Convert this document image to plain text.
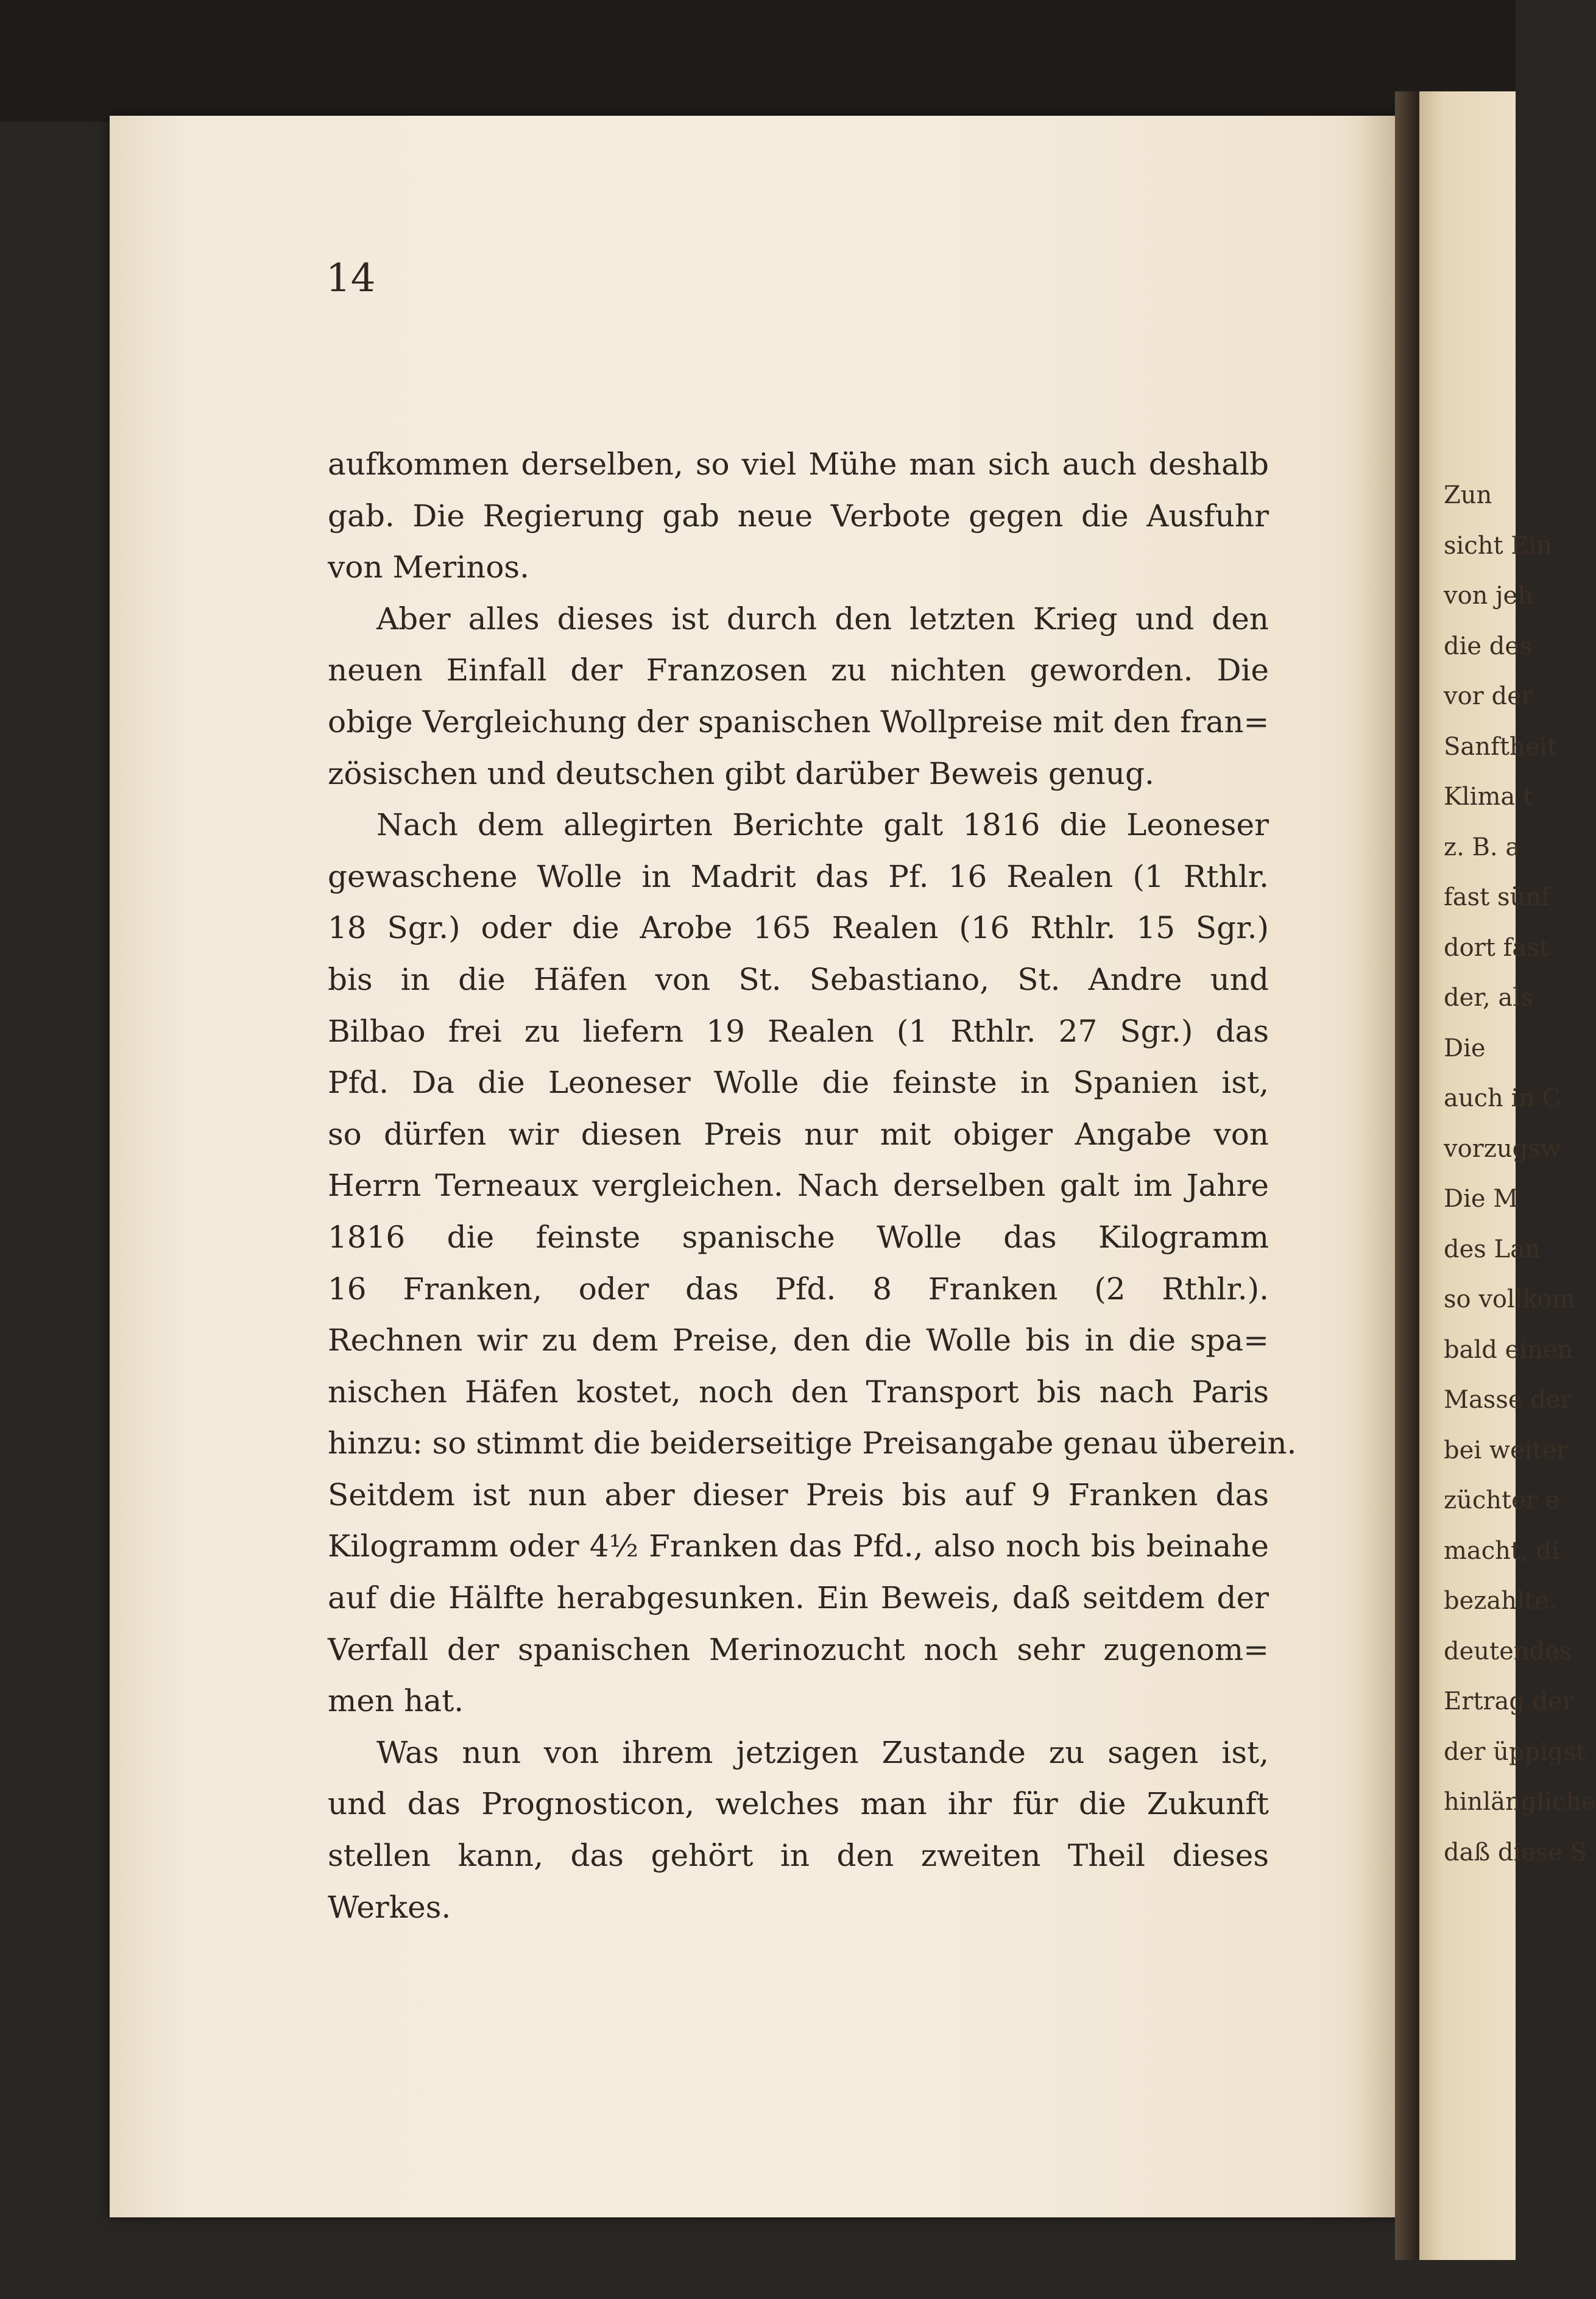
Zun
sicht Ein
von jeh
die des
vor der
Sanftheit
Klima t
z. B. a
fast sünf
dort fast
der, als
Die
auch in C
vorzugsw
Die M
des Lan
so vollkom
bald einen
Masse der
bei weiter
züchter e
macht, di
bezahlte.
deutendes
Ertrag der
der üppigst
hinlängliche
daß diese S
14
aufkommen derselben, so viel Mühe man sich auch deshalb
gab. Die Regierung gab neue Verbote gegen die Ausfuhr
von Merinos.
Aber alles dieses ist durch den letzten Krieg und den
neuen Einfall der Franzosen zu nichten geworden. Die
obige Vergleichung der spanischen Wollpreise mit den fran=
zösischen und deutschen gibt darüber Beweis genug.
Nach dem allegirten Berichte galt 1816 die Leoneser
gewaschene Wolle in Madrit das Pf. 16 Realen (1 Rthlr.
18 Sgr.) oder die Arobe 165 Realen (16 Rthlr. 15 Sgr.)
bis in die Häfen von St. Sebastiano, St. Andre und
Bilbao frei zu liefern 19 Realen (1 Rthlr. 27 Sgr.) das
Pfd. Da die Leoneser Wolle die feinste in Spanien ist,
so dürfen wir diesen Preis nur mit obiger Angabe von
Herrn Terneaux vergleichen. Nach derselben galt im Jahre
1816 die feinste spanische Wolle das Kilogramm
16 Franken, oder das Pfd. 8 Franken (2 Rthlr.).
Rechnen wir zu dem Preise, den die Wolle bis in die spa=
nischen Häfen kostet, noch den Transport bis nach Paris
hinzu: so stimmt die beiderseitige Preisangabe genau überein.
Seitdem ist nun aber dieser Preis bis auf 9 Franken das
Kilogramm oder 4½ Franken das Pfd., also noch bis beinahe
auf die Hälfte herabgesunken. Ein Beweis, daß seitdem der
Verfall der spanischen Merinozucht noch sehr zugenom=
men hat.
Was nun von ihrem jetzigen Zustande zu sagen ist,
und das Prognosticon, welches man ihr für die Zukunft
stellen kann, das gehört in den zweiten Theil dieses
Werkes.
